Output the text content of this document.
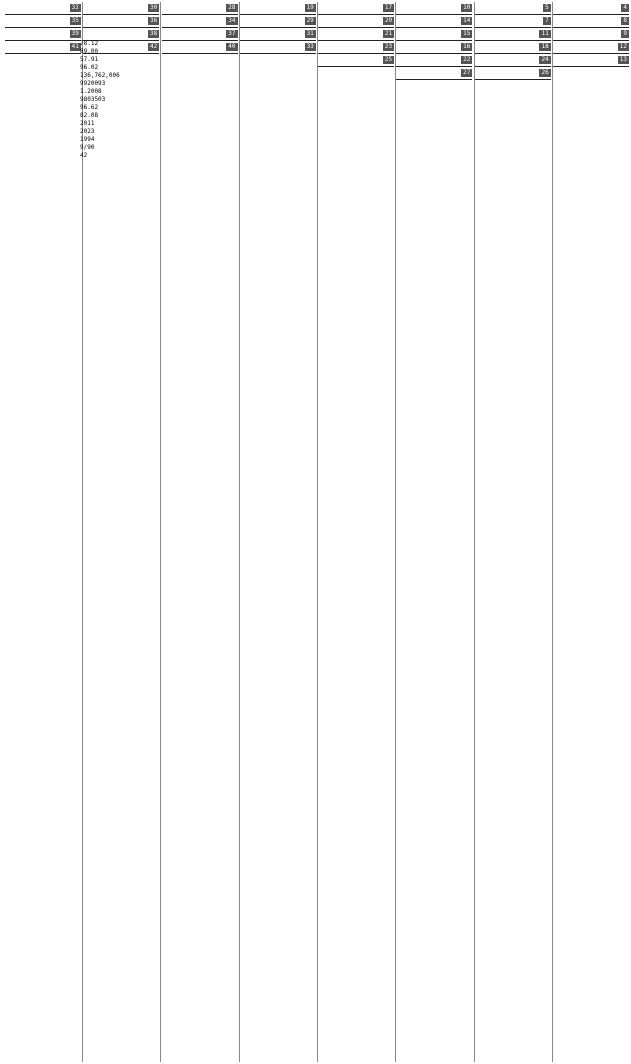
4
8
9
12
13
5
7
11
18
24
26
10
14
15
16
22
27
17
20
21
23
25
19
29
31
33
28
34
37
40
30
36
38
42
32
35
39
41 78.12
89.00
57.91
96.02
136,762,006
9920093
1.2008
9803503
96.62
82.08
2011
2023
1994
9/90
42
